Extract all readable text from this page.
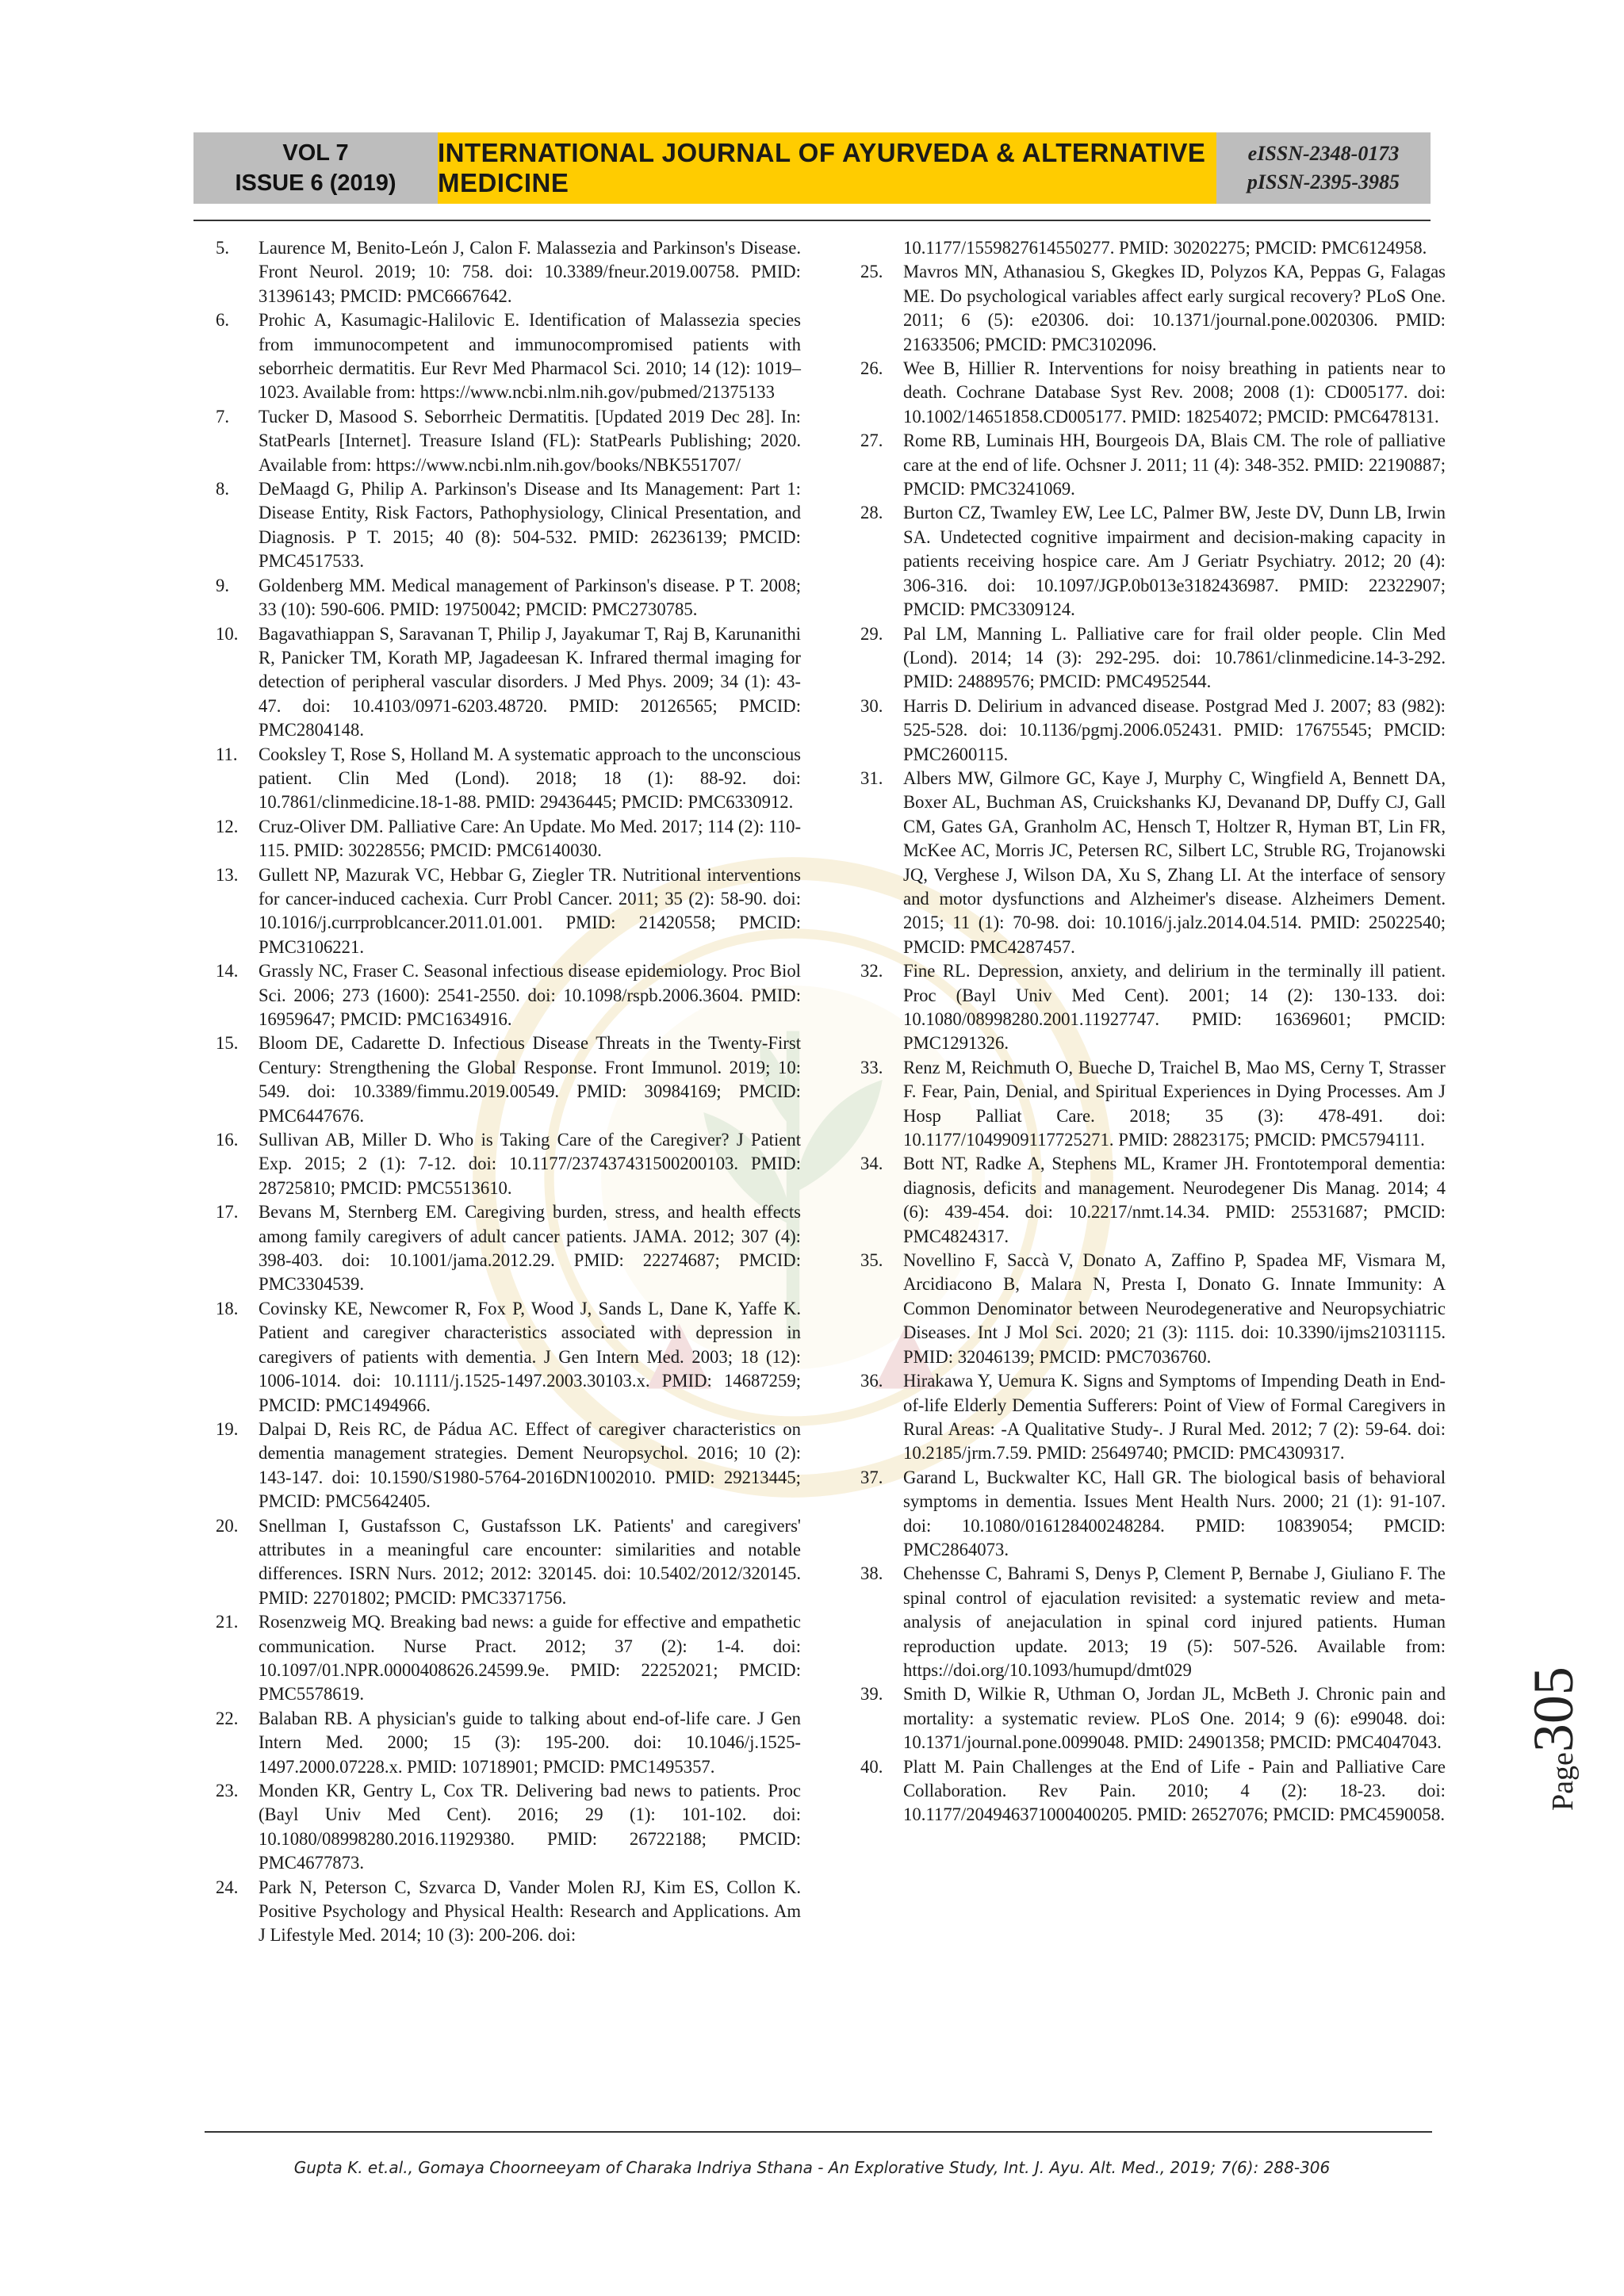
VOL 7
ISSUE 6 (2019)
INTERNATIONAL JOURNAL OF AYURVEDA & ALTERNATIVE MEDICINE
eISSN-2348-0173
pISSN-2395-3985
5. Laurence M, Benito-León J, Calon F. Malassezia and Parkinson's Disease. Front Neurol. 2019; 10: 758. doi: 10.3389/fneur.2019.00758. PMID: 31396143; PMCID: PMC6667642.
6. Prohic A, Kasumagic-Halilovic E. Identification of Malassezia species from immunocompetent and immunocompromised patients with seborrheic dermatitis. Eur Revr Med Pharmacol Sci. 2010; 14 (12): 1019–1023. Available from: https://www.ncbi.nlm.nih.gov/pubmed/21375133
7. Tucker D, Masood S. Seborrheic Dermatitis. [Updated 2019 Dec 28]. In: StatPearls [Internet]. Treasure Island (FL): StatPearls Publishing; 2020. Available from: https://www.ncbi.nlm.nih.gov/books/NBK551707/
8. DeMaagd G, Philip A. Parkinson's Disease and Its Management: Part 1: Disease Entity, Risk Factors, Pathophysiology, Clinical Presentation, and Diagnosis. P T. 2015; 40 (8): 504-532. PMID: 26236139; PMCID: PMC4517533.
9. Goldenberg MM. Medical management of Parkinson's disease. P T. 2008; 33 (10): 590-606. PMID: 19750042; PMCID: PMC2730785.
10. Bagavathiappan S, Saravanan T, Philip J, Jayakumar T, Raj B, Karunanithi R, Panicker TM, Korath MP, Jagadeesan K. Infrared thermal imaging for detection of peripheral vascular disorders. J Med Phys. 2009; 34 (1): 43-47. doi: 10.4103/0971-6203.48720. PMID: 20126565; PMCID: PMC2804148.
11. Cooksley T, Rose S, Holland M. A systematic approach to the unconscious patient. Clin Med (Lond). 2018; 18 (1): 88-92. doi: 10.7861/clinmedicine.18-1-88. PMID: 29436445; PMCID: PMC6330912.
12. Cruz-Oliver DM. Palliative Care: An Update. Mo Med. 2017; 114 (2): 110-115. PMID: 30228556; PMCID: PMC6140030.
13. Gullett NP, Mazurak VC, Hebbar G, Ziegler TR. Nutritional interventions for cancer-induced cachexia. Curr Probl Cancer. 2011; 35 (2): 58-90. doi: 10.1016/j.currproblcancer.2011.01.001. PMID: 21420558; PMCID: PMC3106221.
14. Grassly NC, Fraser C. Seasonal infectious disease epidemiology. Proc Biol Sci. 2006; 273 (1600): 2541-2550. doi: 10.1098/rspb.2006.3604. PMID: 16959647; PMCID: PMC1634916.
15. Bloom DE, Cadarette D. Infectious Disease Threats in the Twenty-First Century: Strengthening the Global Response. Front Immunol. 2019; 10: 549. doi: 10.3389/fimmu.2019.00549. PMID: 30984169; PMCID: PMC6447676.
16. Sullivan AB, Miller D. Who is Taking Care of the Caregiver? J Patient Exp. 2015; 2 (1): 7-12. doi: 10.1177/237437431500200103. PMID: 28725810; PMCID: PMC5513610.
17. Bevans M, Sternberg EM. Caregiving burden, stress, and health effects among family caregivers of adult cancer patients. JAMA. 2012; 307 (4): 398-403. doi: 10.1001/jama.2012.29. PMID: 22274687; PMCID: PMC3304539.
18. Covinsky KE, Newcomer R, Fox P, Wood J, Sands L, Dane K, Yaffe K. Patient and caregiver characteristics associated with depression in caregivers of patients with dementia. J Gen Intern Med. 2003; 18 (12): 1006-1014. doi: 10.1111/j.1525-1497.2003.30103.x. PMID: 14687259; PMCID: PMC1494966.
19. Dalpai D, Reis RC, de Pádua AC. Effect of caregiver characteristics on dementia management strategies. Dement Neuropsychol. 2016; 10 (2): 143-147. doi: 10.1590/S1980-5764-2016DN1002010. PMID: 29213445; PMCID: PMC5642405.
20. Snellman I, Gustafsson C, Gustafsson LK. Patients' and caregivers' attributes in a meaningful care encounter: similarities and notable differences. ISRN Nurs. 2012; 2012: 320145. doi: 10.5402/2012/320145. PMID: 22701802; PMCID: PMC3371756.
21. Rosenzweig MQ. Breaking bad news: a guide for effective and empathetic communication. Nurse Pract. 2012; 37 (2): 1-4. doi: 10.1097/01.NPR.0000408626.24599.9e. PMID: 22252021; PMCID: PMC5578619.
22. Balaban RB. A physician's guide to talking about end-of-life care. J Gen Intern Med. 2000; 15 (3): 195-200. doi: 10.1046/j.1525-1497.2000.07228.x. PMID: 10718901; PMCID: PMC1495357.
23. Monden KR, Gentry L, Cox TR. Delivering bad news to patients. Proc (Bayl Univ Med Cent). 2016; 29 (1): 101-102. doi: 10.1080/08998280.2016.11929380. PMID: 26722188; PMCID: PMC4677873.
24. Park N, Peterson C, Szvarca D, Vander Molen RJ, Kim ES, Collon K. Positive Psychology and Physical Health: Research and Applications. Am J Lifestyle Med. 2014; 10 (3): 200-206. doi:
10.1177/1559827614550277. PMID: 30202275; PMCID: PMC6124958.
25. Mavros MN, Athanasiou S, Gkegkes ID, Polyzos KA, Peppas G, Falagas ME. Do psychological variables affect early surgical recovery? PLoS One. 2011; 6 (5): e20306. doi: 10.1371/journal.pone.0020306. PMID: 21633506; PMCID: PMC3102096.
26. Wee B, Hillier R. Interventions for noisy breathing in patients near to death. Cochrane Database Syst Rev. 2008; 2008 (1): CD005177. doi: 10.1002/14651858.CD005177. PMID: 18254072; PMCID: PMC6478131.
27. Rome RB, Luminais HH, Bourgeois DA, Blais CM. The role of palliative care at the end of life. Ochsner J. 2011; 11 (4): 348-352. PMID: 22190887; PMCID: PMC3241069.
28. Burton CZ, Twamley EW, Lee LC, Palmer BW, Jeste DV, Dunn LB, Irwin SA. Undetected cognitive impairment and decision-making capacity in patients receiving hospice care. Am J Geriatr Psychiatry. 2012; 20 (4): 306-316. doi: 10.1097/JGP.0b013e3182436987. PMID: 22322907; PMCID: PMC3309124.
29. Pal LM, Manning L. Palliative care for frail older people. Clin Med (Lond). 2014; 14 (3): 292-295. doi: 10.7861/clinmedicine.14-3-292. PMID: 24889576; PMCID: PMC4952544.
30. Harris D. Delirium in advanced disease. Postgrad Med J. 2007; 83 (982): 525-528. doi: 10.1136/pgmj.2006.052431. PMID: 17675545; PMCID: PMC2600115.
31. Albers MW, Gilmore GC, Kaye J, Murphy C, Wingfield A, Bennett DA, Boxer AL, Buchman AS, Cruickshanks KJ, Devanand DP, Duffy CJ, Gall CM, Gates GA, Granholm AC, Hensch T, Holtzer R, Hyman BT, Lin FR, McKee AC, Morris JC, Petersen RC, Silbert LC, Struble RG, Trojanowski JQ, Verghese J, Wilson DA, Xu S, Zhang LI. At the interface of sensory and motor dysfunctions and Alzheimer's disease. Alzheimers Dement. 2015; 11 (1): 70-98. doi: 10.1016/j.jalz.2014.04.514. PMID: 25022540; PMCID: PMC4287457.
32. Fine RL. Depression, anxiety, and delirium in the terminally ill patient. Proc (Bayl Univ Med Cent). 2001; 14 (2): 130-133. doi: 10.1080/08998280.2001.11927747. PMID: 16369601; PMCID: PMC1291326.
33. Renz M, Reichmuth O, Bueche D, Traichel B, Mao MS, Cerny T, Strasser F. Fear, Pain, Denial, and Spiritual Experiences in Dying Processes. Am J Hosp Palliat Care. 2018; 35 (3): 478-491. doi: 10.1177/1049909117725271. PMID: 28823175; PMCID: PMC5794111.
34. Bott NT, Radke A, Stephens ML, Kramer JH. Frontotemporal dementia: diagnosis, deficits and management. Neurodegener Dis Manag. 2014; 4 (6): 439-454. doi: 10.2217/nmt.14.34. PMID: 25531687; PMCID: PMC4824317.
35. Novellino F, Saccà V, Donato A, Zaffino P, Spadea MF, Vismara M, Arcidiacono B, Malara N, Presta I, Donato G. Innate Immunity: A Common Denominator between Neurodegenerative and Neuropsychiatric Diseases. Int J Mol Sci. 2020; 21 (3): 1115. doi: 10.3390/ijms21031115. PMID: 32046139; PMCID: PMC7036760.
36. Hirakawa Y, Uemura K. Signs and Symptoms of Impending Death in End-of-life Elderly Dementia Sufferers: Point of View of Formal Caregivers in Rural Areas: -A Qualitative Study-. J Rural Med. 2012; 7 (2): 59-64. doi: 10.2185/jrm.7.59. PMID: 25649740; PMCID: PMC4309317.
37. Garand L, Buckwalter KC, Hall GR. The biological basis of behavioral symptoms in dementia. Issues Ment Health Nurs. 2000; 21 (1): 91-107. doi: 10.1080/016128400248284. PMID: 10839054; PMCID: PMC2864073.
38. Chehensse C, Bahrami S, Denys P, Clement P, Bernabe J, Giuliano F. The spinal control of ejaculation revisited: a systematic review and meta-analysis of anejaculation in spinal cord injured patients. Human reproduction update. 2013; 19 (5): 507-526. Available from: https://doi.org/10.1093/humupd/dmt029
39. Smith D, Wilkie R, Uthman O, Jordan JL, McBeth J. Chronic pain and mortality: a systematic review. PLoS One. 2014; 9 (6): e99048. doi: 10.1371/journal.pone.0099048. PMID: 24901358; PMCID: PMC4047043.
40. Platt M. Pain Challenges at the End of Life - Pain and Palliative Care Collaboration. Rev Pain. 2010; 4 (2): 18-23. doi: 10.1177/204946371000400205. PMID: 26527076; PMCID: PMC4590058.
Page305
Gupta K. et.al., Gomaya Choorneeyam of Charaka Indriya Sthana - An Explorative Study, Int. J. Ayu. Alt. Med., 2019; 7(6): 288-306
